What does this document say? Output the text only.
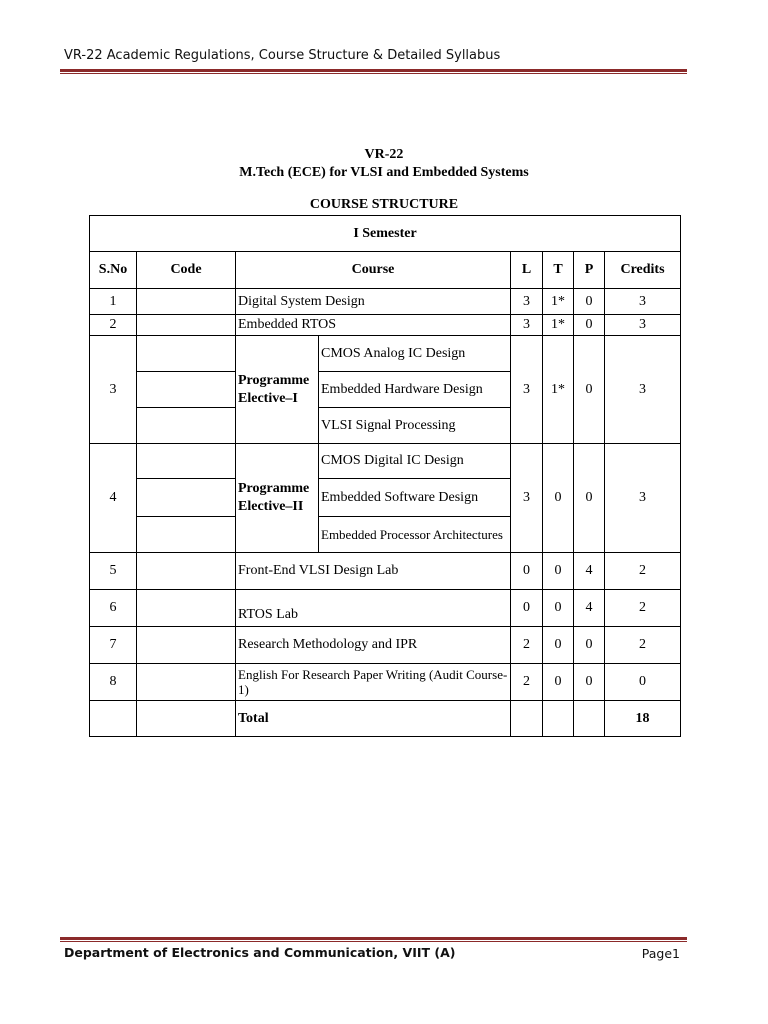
VR-22 Academic Regulations, Course Structure & Detailed Syllabus
VR-22
M.Tech (ECE) for VLSI and Embedded Systems
COURSE STRUCTURE
I Semester							
S.No	Code	Course		L	T	P	Credits
1		Digital System Design		3	1*	0	3
2		Embedded RTOS		3	1*	0	3
3		Programme Elective–I	CMOS Analog IC Design	3	1*	0	3
			Embedded Hardware Design				
			VLSI Signal Processing				
4		Programme Elective–II	CMOS Digital IC Design	3	0	0	3
			Embedded Software Design				
			Embedded Processor Architectures				
5		Front-End VLSI Design Lab		0	0	4	2
6		RTOS Lab		0	0	4	2
7		Research Methodology and IPR		2	0	0	2
8		English For Research Paper Writing (Audit Course-1)		2	0	0	0
		Total					18
Department of Electronics and Communication, VIIT (A)	Page1
